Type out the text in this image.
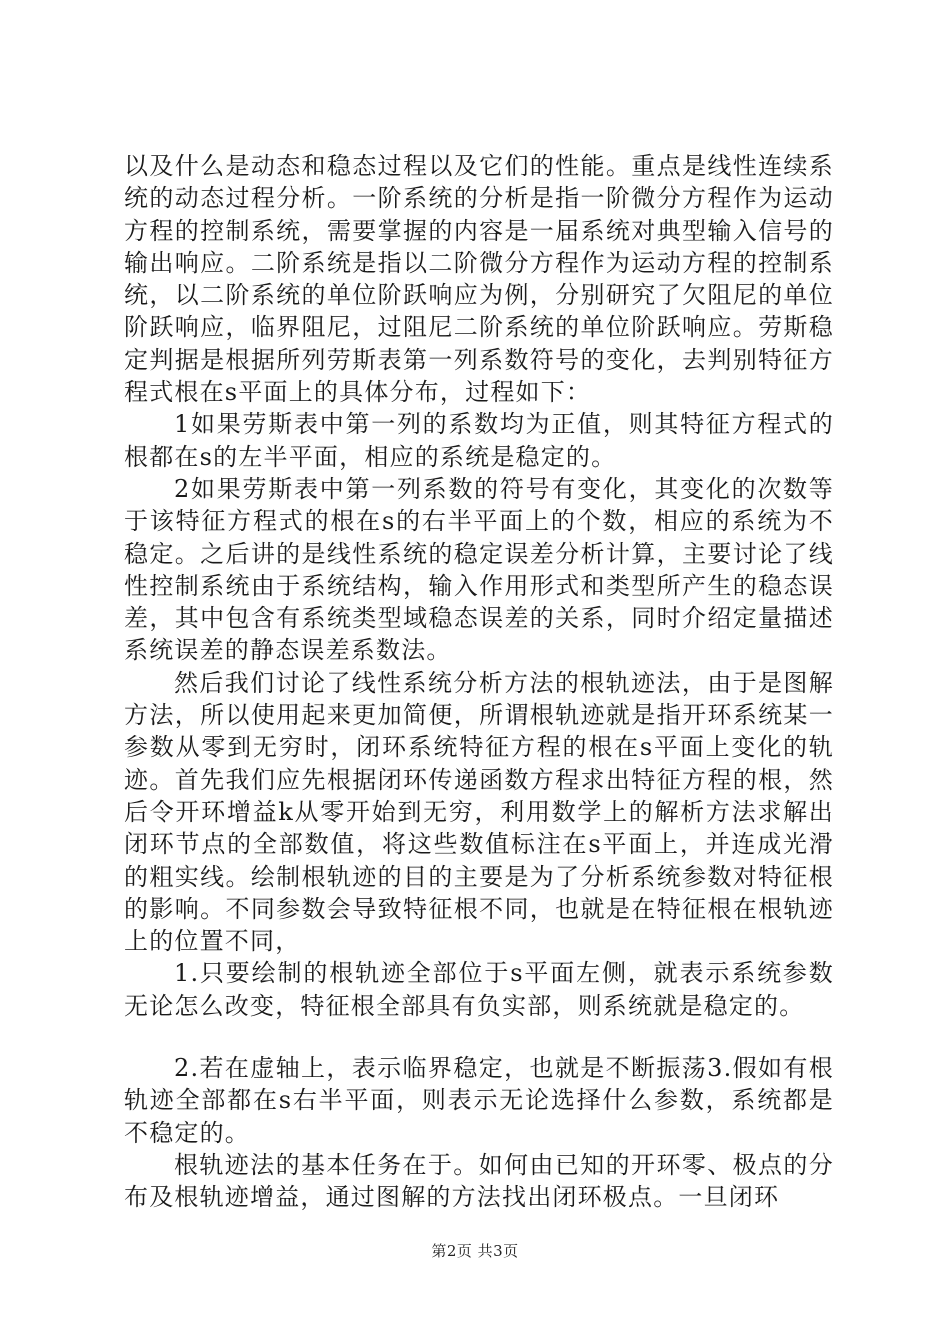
以及什么是动态和稳态过程以及它们的性能。重点是线性连续系统的动态过程分析。一阶系统的分析是指一阶微分方程作为运动方程的控制系统，需要掌握的内容是一届系统对典型输入信号的输出响应。二阶系统是指以二阶微分方程作为运动方程的控制系统，以二阶系统的单位阶跃响应为例，分别研究了欠阻尼的单位阶跃响应，临界阻尼，过阻尼二阶系统的单位阶跃响应。劳斯稳定判据是根据所列劳斯表第一列系数符号的变化，去判别特征方程式根在s平面上的具体分布，过程如下：

1如果劳斯表中第一列的系数均为正值，则其特征方程式的根都在s的左半平面，相应的系统是稳定的。

2如果劳斯表中第一列系数的符号有变化，其变化的次数等于该特征方程式的根在s的右半平面上的个数，相应的系统为不稳定。之后讲的是线性系统的稳定误差分析计算，主要讨论了线性控制系统由于系统结构，输入作用形式和类型所产生的稳态误差，其中包含有系统类型域稳态误差的关系，同时介绍定量描述系统误差的静态误差系数法。

然后我们讨论了线性系统分析方法的根轨迹法，由于是图解方法，所以使用起来更加简便，所谓根轨迹就是指开环系统某一参数从零到无穷时，闭环系统特征方程的根在s平面上变化的轨迹。首先我们应先根据闭环传递函数方程求出特征方程的根，然后令开环增益k从零开始到无穷，利用数学上的解析方法求解出闭环节点的全部数值，将这些数值标注在s平面上，并连成光滑的粗实线。绘制根轨迹的目的主要是为了分析系统参数对特征根的影响。不同参数会导致特征根不同，也就是在特征根在根轨迹上的位置不同，

1.只要绘制的根轨迹全部位于s平面左侧，就表示系统参数无论怎么改变，特征根全部具有负实部，则系统就是稳定的。

2.若在虚轴上，表示临界稳定，也就是不断振荡3.假如有根轨迹全部都在s右半平面，则表示无论选择什么参数，系统都是不稳定的。

根轨迹法的基本任务在于。如何由已知的开环零、极点的分布及根轨迹增益，通过图解的方法找出闭环极点。一旦闭环

第2页 共3页
